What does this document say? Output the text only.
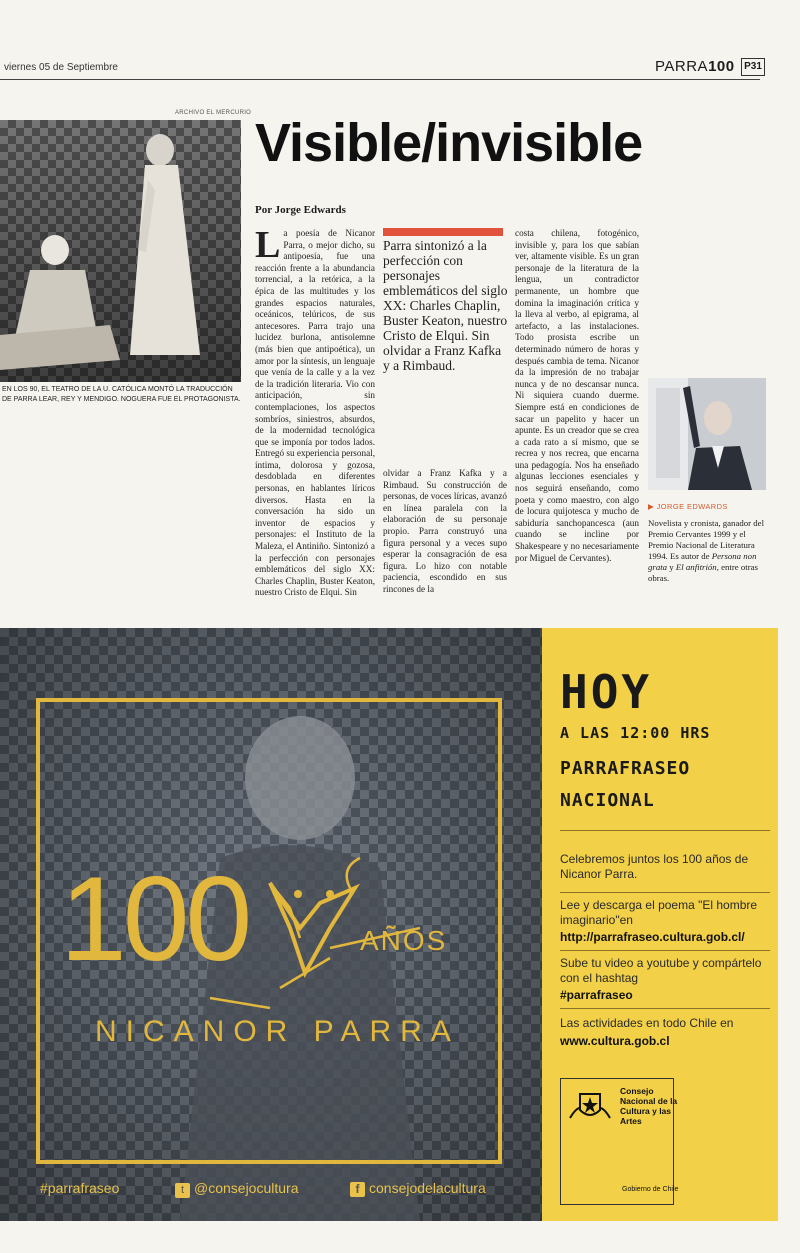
viernes 05 de Septiembre	PARRA100 P31
ARCHIVO EL MERCURIO
EN LOS 90, EL TEATRO DE LA U. CATÓLICA MONTÓ LA TRADUCCIÓN DE PARRA LEAR, REY Y MENDIGO. NOGUERA FUE EL PROTAGONISTA.
Visible/invisible
Por Jorge Edwards
La poesía de Nicanor Parra, o mejor dicho, su antipoesía, fue una reacción frente a la abundancia torrencial, a la retórica, a la épica de las multitudes y los grandes espacios naturales, oceánicos, telúricos, de sus antecesores. Parra trajo una lucidez burlona, antisolemne (más bien que antipoética), un amor por la síntesis, un lenguaje que venía de la calle y a la vez de la tradición literaria. Vio con anticipación, sin contemplaciones, los aspectos sombríos, siniestros, absurdos, de la modernidad tecnológica que se imponía por todos lados. Entregó su experiencia personal, íntima, dolorosa y gozosa, desdoblada en diferentes personas, en hablantes líricos diversos. Hasta en la conversación ha sido un inventor de espacios y personajes: el Instituto de la Maleza, el Antiniño. Sintonizó a la perfección con personajes emblemáticos del siglo XX: Charles Chaplin, Buster Keaton, nuestro Cristo de Elqui. Sin
Parra sintonizó a la perfección con personajes emblemáticos del siglo XX: Charles Chaplin, Buster Keaton, nuestro Cristo de Elqui. Sin olvidar a Franz Kafka y a Rimbaud.
olvidar a Franz Kafka y a Rimbaud. Su construcción de personas, de voces líricas, avanzó en línea paralela con la elaboración de su personaje propio. Parra construyó una figura personal y a veces supo esperar la consagración de esa figura. Lo hizo con notable paciencia, escondido en sus rincones de la
costa chilena, fotogénico, invisible y, para los que sabían ver, altamente visible. Es un gran personaje de la literatura de la lengua, un contradictor permanente, un hombre que domina la imaginación crítica y la lleva al verbo, al epigrama, al artefacto, a las instalaciones. Todo prosista escribe un determinado número de horas y después cambia de tema. Nicanor da la impresión de no trabajar nunca y de no descansar nunca. Ni siquiera cuando duerme. Siempre está en condiciones de sacar un papelito y hacer un apunte. Es un creador que se crea a cada rato a sí mismo, que se recrea y nos recrea, que encarna una pedagogía. Nos ha enseñado algunas lecciones esenciales y nos seguirá enseñando, como poeta y como maestro, con algo de locura quijotesca y mucho de sabiduría sanchopancesca (aun cuando se incline por Shakespeare y no necesariamente por Miguel de Cervantes).
▶ JORGE EDWARDS
Novelista y cronista, ganador del Premio Cervantes 1999 y el Premio Nacional de Literatura 1994. Es autor de Persona non grata y El anfitrión, entre otras obras.
100	AÑOS
NICANOR PARRA
HOY
A LAS 12:00 HRS
PARRAFRASEO
NACIONAL
Celebremos juntos los 100 años de Nicanor Parra.
Lee y descarga el poema "El hombre imaginario"en
http://parrafraseo.cultura.gob.cl/
Sube tu video a youtube y compártelo con el hashtag
#parrafraseo
Las actividades en todo Chile en
www.cultura.gob.cl
Consejo Nacional de la Cultura y las Artes
Gobierno de Chile
#parrafraseo	t @consejocultura	f consejodelacultura
